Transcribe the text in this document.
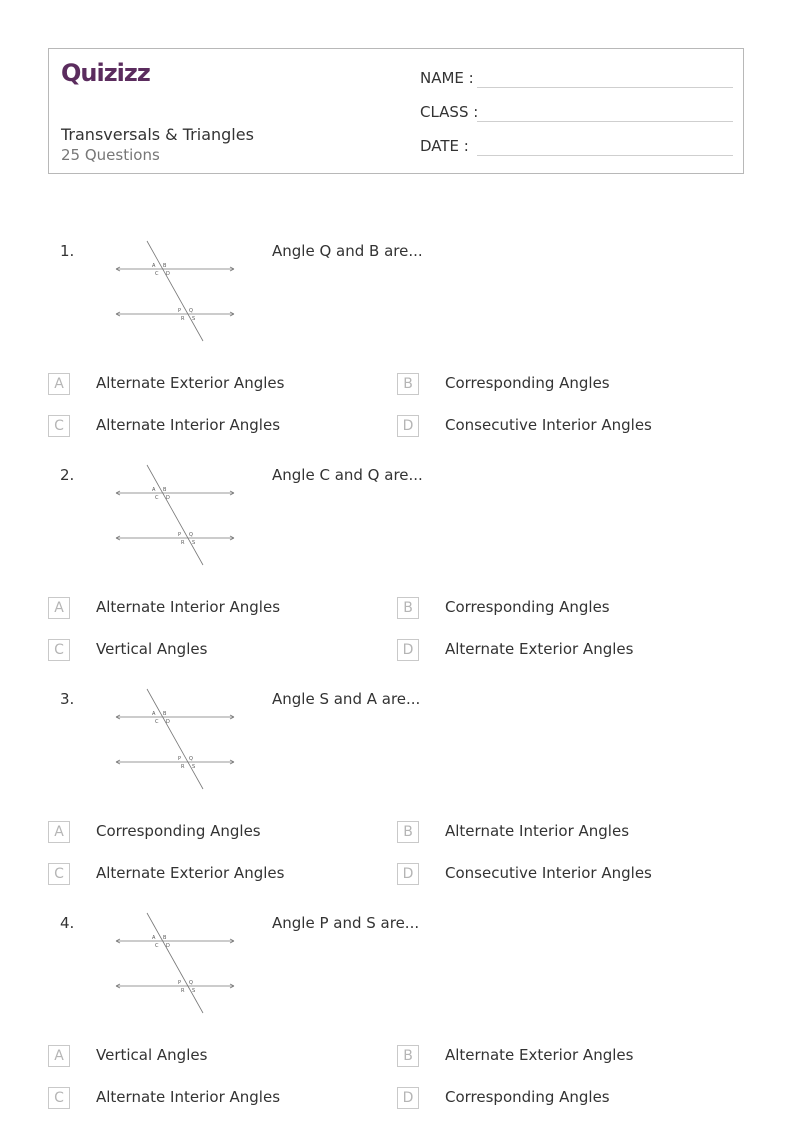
Quizizz
Transversals & Triangles
25 Questions
NAME :
CLASS :
DATE :
1.
A B
C D
P Q
R S
Angle Q and B are...
A	Alternate Exterior Angles	B	Corresponding Angles
C	Alternate Interior Angles	D	Consecutive Interior Angles
2.
A B
C D
P Q
R S
Angle C and Q are...
A	Alternate Interior Angles	B	Corresponding Angles
C	Vertical Angles	D	Alternate Exterior Angles
3.
A B
C D
P Q
R S
Angle S and A are...
A	Corresponding Angles	B	Alternate Interior Angles
C	Alternate Exterior Angles	D	Consecutive Interior Angles
4.
A B
C D
P Q
R S
Angle P and S are...
A	Vertical Angles	B	Alternate Exterior Angles
C	Alternate Interior Angles	D	Corresponding Angles
